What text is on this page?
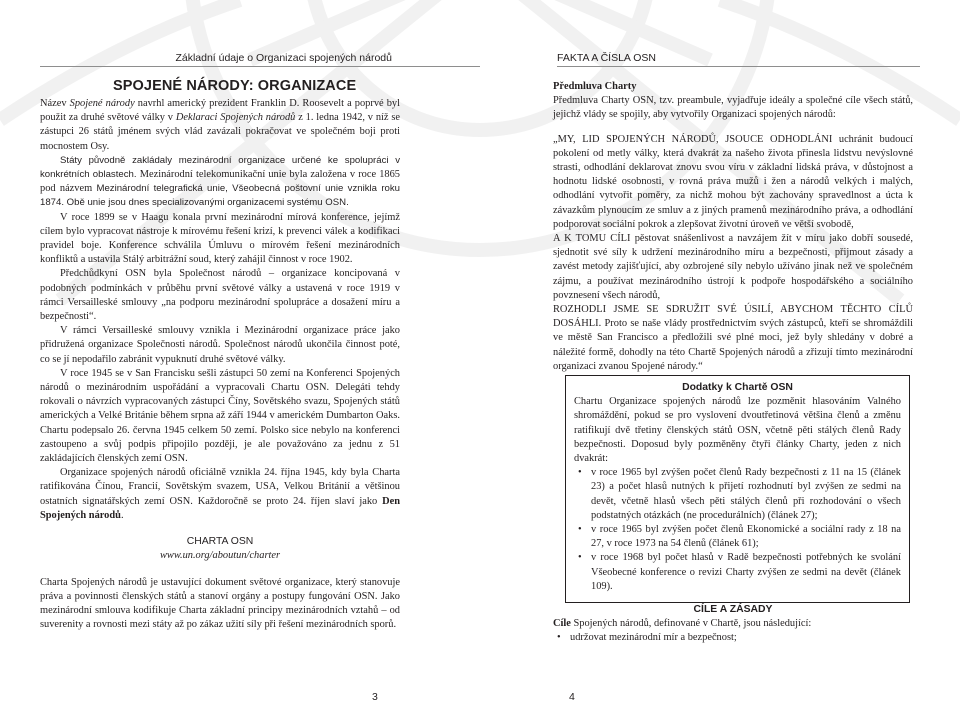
Základní údaje o Organizaci spojených národů
SPOJENÉ NÁRODY: ORGANIZACE

Název Spojené národy navrhl americký prezident Franklin D. Roosevelt a poprvé byl použit za druhé světové války v Deklaraci Spojených národů z 1. ledna 1942, v níž se zástupci 26 států jménem svých vlád zavázali pokračovat ve společném boji proti mocnostem Osy.

Státy původně zakládaly mezinárodní organizace určené ke spolupráci v konkrétních oblastech. Mezinárodní telekomunikační unie byla založena v roce 1865 pod názvem Mezinárodní telegrafická unie, Všeobecná poštovní unie vznikla roku 1874. Obě unie jsou dnes specializovanými organizacemi systému OSN.

V roce 1899 se v Haagu konala první mezinárodní mírová konference, jejímž cílem bylo vypracovat nástroje k mírovému řešení krizí, k prevenci válek a kodifikaci pravidel boje. Konference schválila Úmluvu o mírovém řešení mezinárodních konfliktů a ustavila Stálý arbitrážní soud, který zahájil činnost v roce 1902.

Předchůdkyní OSN byla Společnost národů – organizace koncipovaná v podobných podmínkách v průběhu první světové války a ustavená v roce 1919 v rámci Versailleské smlouvy „na podporu mezinárodní spolupráce a dosažení míru a bezpečnosti“.

V rámci Versailleské smlouvy vznikla i Mezinárodní organizace práce jako přidružená organizace Společnosti národů. Společnost národů ukončila činnost poté, co se jí nepodařilo zabránit vypuknutí druhé světové války.

V roce 1945 se v San Francisku sešli zástupci 50 zemí na Konferenci Spojených národů o mezinárodním uspořádání a vypracovali Chartu OSN. Delegáti tehdy rokovali o návrzích vypracovaných zástupci Číny, Sovětského svazu, Spojených států amerických a Velké Británie během srpna až září 1944 v americkém Dumbarton Oaks. Chartu podepsalo 26. června 1945 celkem 50 zemí. Polsko sice nebylo na konferenci zastoupeno a svůj podpis připojilo později, je ale považováno za jednu z 51 zakládajících členských zemí OSN.

Organizace spojených národů oficiálně vznikla 24. října 1945, kdy byla Charta ratifikována Čínou, Francií, Sovětským svazem, USA, Velkou Británií a většinou ostatních signatářských zemí OSN. Každoročně se proto 24. říjen slaví jako Den Spojených národů.

CHARTA OSN
www.un.org/aboutun/charter

Charta Spojených národů je ustavující dokument světové organizace, který stanovuje práva a povinnosti členských států a stanoví orgány a postupy fungování OSN. Jako mezinárodní smlouva kodifikuje Charta základní principy mezinárodních vztahů – od suverenity a rovnosti mezi státy až po zákaz užití síly při řešení mezinárodních sporů.

3
FAKTA A ČÍSLA OSN

Předmluva Charty

Předmluva Charty OSN, tzv. preambule, vyjadřuje ideály a společné cíle všech států, jejichž vlády se spojily, aby vytvořily Organizaci spojených národů:

„MY, LID SPOJENÝCH NÁRODŮ, JSOUCE ODHODLÁNI uchránit budoucí pokolení od metly války, která dvakrát za našeho života přinesla lidstvu nevýslovné strasti, odhodlání deklarovat znovu svou víru v základní lidská práva, v důstojnost a hodnotu lidské osobnosti, v rovná práva mužů i žen a národů velkých i malých, odhodlání vytvořit poměry, za nichž mohou být zachovány spravedlnost a úcta k závazkům plynoucím ze smluv a z jiných pramenů mezinárodního práva, a odhodlání podporovat sociální pokrok a zlepšovat životní úroveň ve větší svobodě,

A K TOMU CÍLI pěstovat snášenlivost a navzájem žít v míru jako dobří sousedé, sjednotit své síly k udržení mezinárodního míru a bezpečnosti, přijmout zásady a zavést metody zajišťující, aby ozbrojené síly nebylo užíváno jinak než ve společném zájmu, a používat mezinárodního ústrojí k podpoře hospodářského a sociálního povznesení všech národů,

ROZHODLI JSME SE SDRUŽIT SVÉ ÚSILÍ, ABYCHOM TĚCHTO CÍLŮ DOSÁHLI. Proto se naše vlády prostřednictvím svých zástupců, kteří se shromáždili ve městě San Francisco a předložili své plné moci, jež byly shledány v dobré a náležité formě, dohodly na této Chartě Spojených národů a zřizují tímto mezinárodní organizaci zvanou Spojené národy.“

Dodatky k Chartě OSN

Chartu Organizace spojených národů lze pozměnit hlasováním Valného shromáždění, pokud se pro vyslovení dvoutřetinová většina členů a změnu ratifikují dvě třetiny členských států OSN, včetně pěti stálých členů Rady bezpečnosti. Doposud byly pozměněny čtyři články Charty, jeden z nich dvakrát:

• v roce 1965 byl zvýšen počet členů Rady bezpečnosti z 11 na 15 (článek 23) a počet hlasů nutných k přijetí rozhodnutí byl zvýšen ze sedmi na devět, včetně hlasů všech pěti stálých členů při rozhodování o všech podstatných otázkách (ne procedurálních) (článek 27);
• v roce 1965 byl zvýšen počet členů Ekonomické a sociální rady z 18 na 27, v roce 1973 na 54 členů (článek 61);
• v roce 1968 byl počet hlasů v Radě bezpečnosti potřebných ke svolání Všeobecné konference o revizi Charty zvýšen ze sedmi na devět (článek 109).
CÍLE A ZÁSADY

Cíle Spojených národů, definované v Chartě, jsou následující:

• udržovat mezinárodní mír a bezpečnost;
4
